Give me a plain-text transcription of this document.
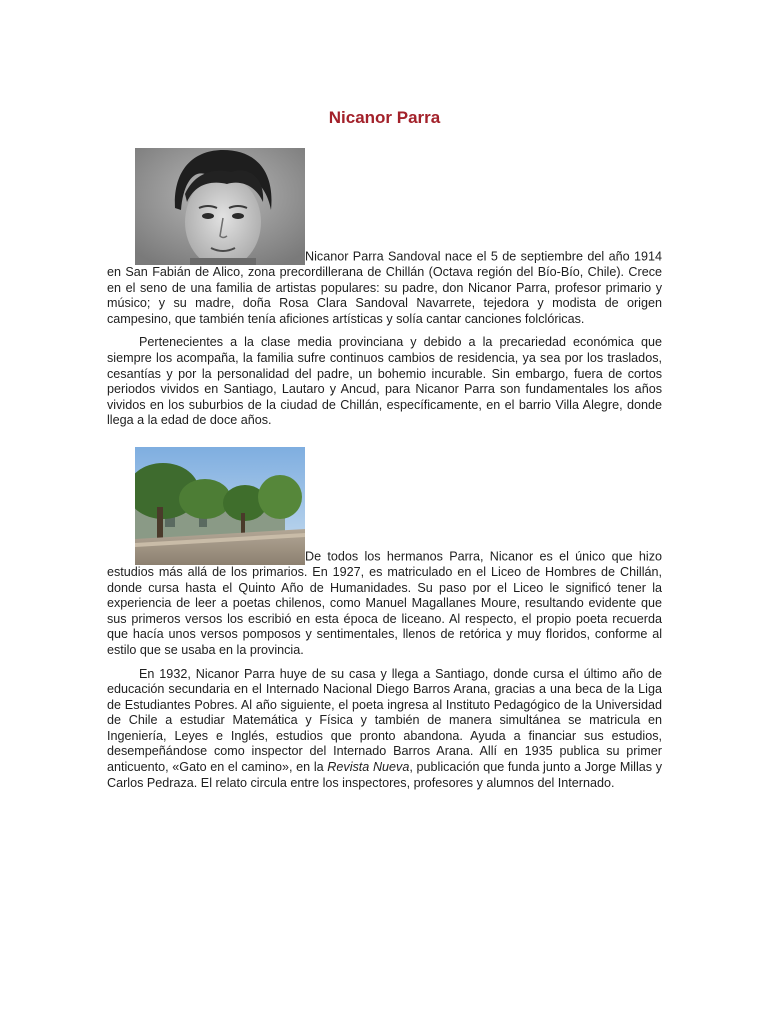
Nicanor Parra

Nicanor Parra Sandoval nace el 5 de septiembre del año 1914 en San Fabián de Alico, zona precordillerana de Chillán (Octava región del Bío-Bío, Chile). Crece en el seno de una familia de artistas populares: su padre, don Nicanor Parra, profesor primario y músico; y su madre, doña Rosa Clara Sandoval Navarrete, tejedora y modista de origen campesino, que también tenía aficiones artísticas y solía cantar canciones folclóricas.

Pertenecientes a la clase media provinciana y debido a la precariedad económica que siempre los acompaña, la familia sufre continuos cambios de residencia, ya sea por los traslados, cesantías y por la personalidad del padre, un bohemio incurable. Sin embargo, fuera de cortos periodos vividos en Santiago, Lautaro y Ancud, para Nicanor Parra son fundamentales los años vividos en los suburbios de la ciudad de Chillán, específicamente, en el barrio Villa Alegre, donde llega a la edad de doce años.

De todos los hermanos Parra, Nicanor es el único que hizo estudios más allá de los primarios. En 1927, es matriculado en el Liceo de Hombres de Chillán, donde cursa hasta el Quinto Año de Humanidades. Su paso por el Liceo le significó tener la experiencia de leer a poetas chilenos, como Manuel Magallanes Moure, resultando evidente que sus primeros versos los escribió en esta época de liceano. Al respecto, el propio poeta recuerda que hacía unos versos pomposos y sentimentales, llenos de retórica y muy floridos, conforme al estilo que se usaba en la provincia.

En 1932, Nicanor Parra huye de su casa y llega a Santiago, donde cursa el último año de educación secundaria en el Internado Nacional Diego Barros Arana, gracias a una beca de la Liga de Estudiantes Pobres. Al año siguiente, el poeta ingresa al Instituto Pedagógico de la Universidad de Chile a estudiar Matemática y Física y también de manera simultánea se matricula en Ingeniería, Leyes e Inglés, estudios que pronto abandona. Ayuda a financiar sus estudios, desempeñándose como inspector del Internado Barros Arana. Allí en 1935 publica su primer anticuento, «Gato en el camino», en la Revista Nueva, publicación que funda junto a Jorge Millas y Carlos Pedraza. El relato circula entre los inspectores, profesores y alumnos del Internado.
